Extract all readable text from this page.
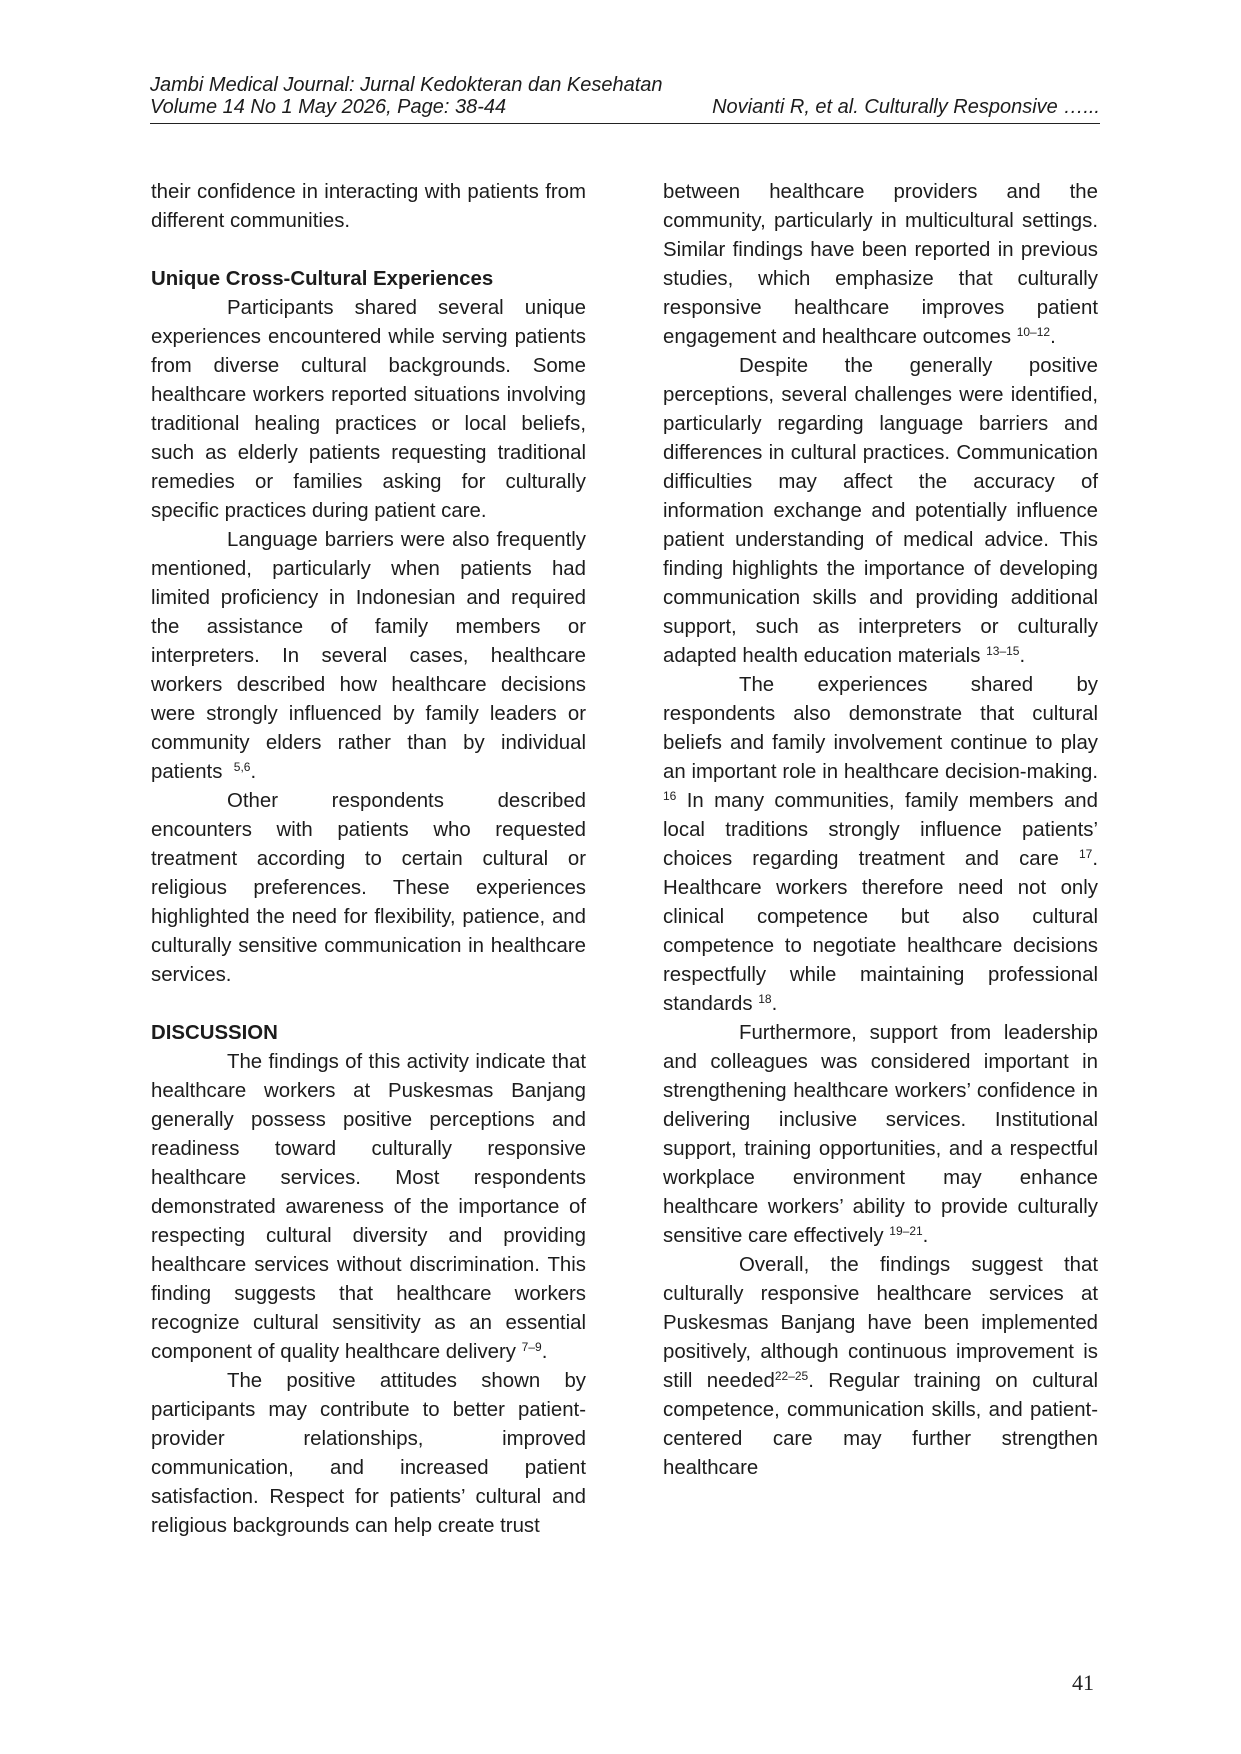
Jambi Medical Journal: Jurnal Kedokteran dan Kesehatan
Volume 14 No 1 May 2026, Page: 38-44	Novianti R, et al. Culturally Responsive …...

their confidence in interacting with patients from different communities.

Unique Cross-Cultural Experiences

Participants shared several unique experiences encountered while serving patients from diverse cultural backgrounds. Some healthcare workers reported situations involving traditional healing practices or local beliefs, such as elderly patients requesting traditional remedies or families asking for culturally specific practices during patient care.

Language barriers were also frequently mentioned, particularly when patients had limited proficiency in Indonesian and required the assistance of family members or interpreters. In several cases, healthcare workers described how healthcare decisions were strongly influenced by family leaders or community elders rather than by individual patients $^{5,6}$.

Other respondents described encounters with patients who requested treatment according to certain cultural or religious preferences. These experiences highlighted the need for flexibility, patience, and culturally sensitive communication in healthcare services.

DISCUSSION

The findings of this activity indicate that healthcare workers at Puskesmas Banjang generally possess positive perceptions and readiness toward culturally responsive healthcare services. Most respondents demonstrated awareness of the importance of respecting cultural diversity and providing healthcare services without discrimination. This finding suggests that healthcare workers recognize cultural sensitivity as an essential component of quality healthcare delivery $^{7-9}$.

The positive attitudes shown by participants may contribute to better patient-provider relationships, improved communication, and increased patient satisfaction. Respect for patients’ cultural and religious backgrounds can help create trust

between healthcare providers and the community, particularly in multicultural settings. Similar findings have been reported in previous studies, which emphasize that culturally responsive healthcare improves patient engagement and healthcare outcomes $^{10-12}$.

Despite the generally positive perceptions, several challenges were identified, particularly regarding language barriers and differences in cultural practices. Communication difficulties may affect the accuracy of information exchange and potentially influence patient understanding of medical advice. This finding highlights the importance of developing communication skills and providing additional support, such as interpreters or culturally adapted health education materials $^{13-15}$.

The experiences shared by respondents also demonstrate that cultural beliefs and family involvement continue to play an important role in healthcare decision-making. $^{16}$ In many communities, family members and local traditions strongly influence patients’ choices regarding treatment and care $^{17}$. Healthcare workers therefore need not only clinical competence but also cultural competence to negotiate healthcare decisions respectfully while maintaining professional standards $^{18}$.

Furthermore, support from leadership and colleagues was considered important in strengthening healthcare workers’ confidence in delivering inclusive services. Institutional support, training opportunities, and a respectful workplace environment may enhance healthcare workers’ ability to provide culturally sensitive care effectively $^{19-21}$.

Overall, the findings suggest that culturally responsive healthcare services at Puskesmas Banjang have been implemented positively, although continuous improvement is still needed$^{22-25}$. Regular training on cultural competence, communication skills, and patient-centered care may further strengthen healthcare

41
